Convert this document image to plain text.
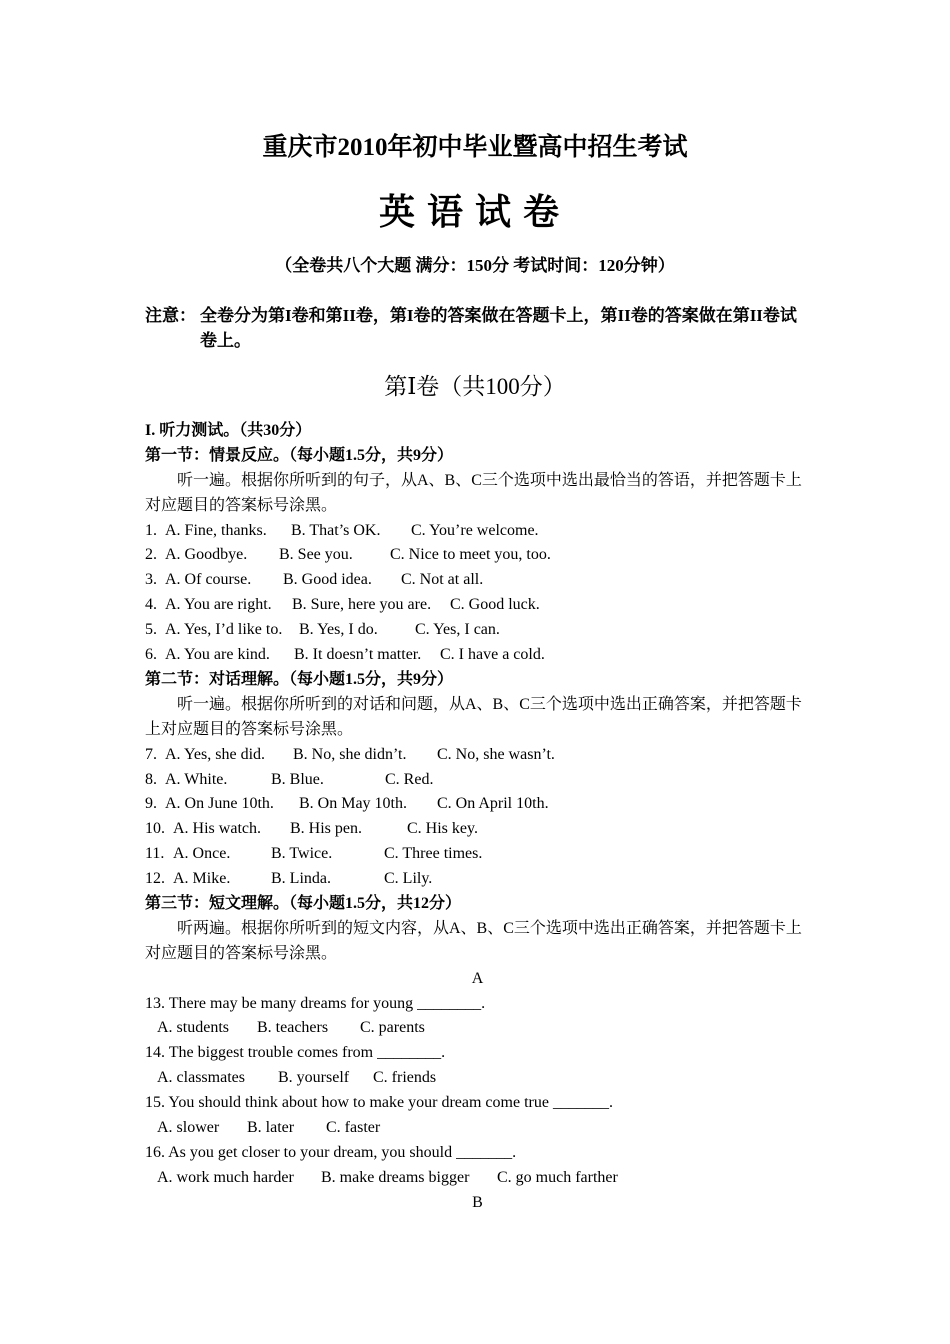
重庆市2010年初中毕业暨高中招生考试
英语试卷
（全卷共八个大题 满分：150分 考试时间：120分钟）
注意： 全卷分为第I卷和第II卷，第I卷的答案做在答题卡上，第II卷的答案做在第II卷试卷上。
第Ⅰ卷（共100分）
I. 听力测试。（共30分）
第一节：情景反应。（每小题1.5分，共9分）
听一遍。根据你所听到的句子，从A、B、C三个选项中选出最恰当的答语，并把答题卡上对应题目的答案标号涂黑。
1. A. Fine, thanks. B. That’s OK. C. You’re welcome.
2. A. Goodbye. B. See you. C. Nice to meet you, too.
3. A. Of course. B. Good idea. C. Not at all.
4. A. You are right. B. Sure, here you are. C. Good luck.
5. A. Yes, I’d like to. B. Yes, I do. C. Yes, I can.
6. A. You are kind. B. It doesn’t matter. C. I have a cold.
第二节：对话理解。（每小题1.5分，共9分）
听一遍。根据你所听到的对话和问题，从A、B、C三个选项中选出正确答案，并把答题卡上对应题目的答案标号涂黑。
7. A. Yes, she did. B. No, she didn’t. C. No, she wasn’t.
8. A. White.	B. Blue.	C. Red.
9. A. On June 10th. B. On May 10th. C. On April 10th.
10. A. His watch. B. His pen.	C. His key.
11. A. Once.	B. Twice.	C. Three times.
12. A. Mike.	B. Linda.	C. Lily.
第三节：短文理解。（每小题1.5分，共12分）
听两遍。根据你所听到的短文内容，从A、B、C三个选项中选出正确答案，并把答题卡上对应题目的答案标号涂黑。
A
13. There may be many dreams for young ________.
A. students B. teachers C. parents
14. The biggest trouble comes from ________.
A. classmates B. yourself C. friends
15. You should think about how to make your dream come true _______.
A. slower B. later C. faster
16. As you get closer to your dream, you should _______.
A. work much harder B. make dreams bigger C. go much farther
B
